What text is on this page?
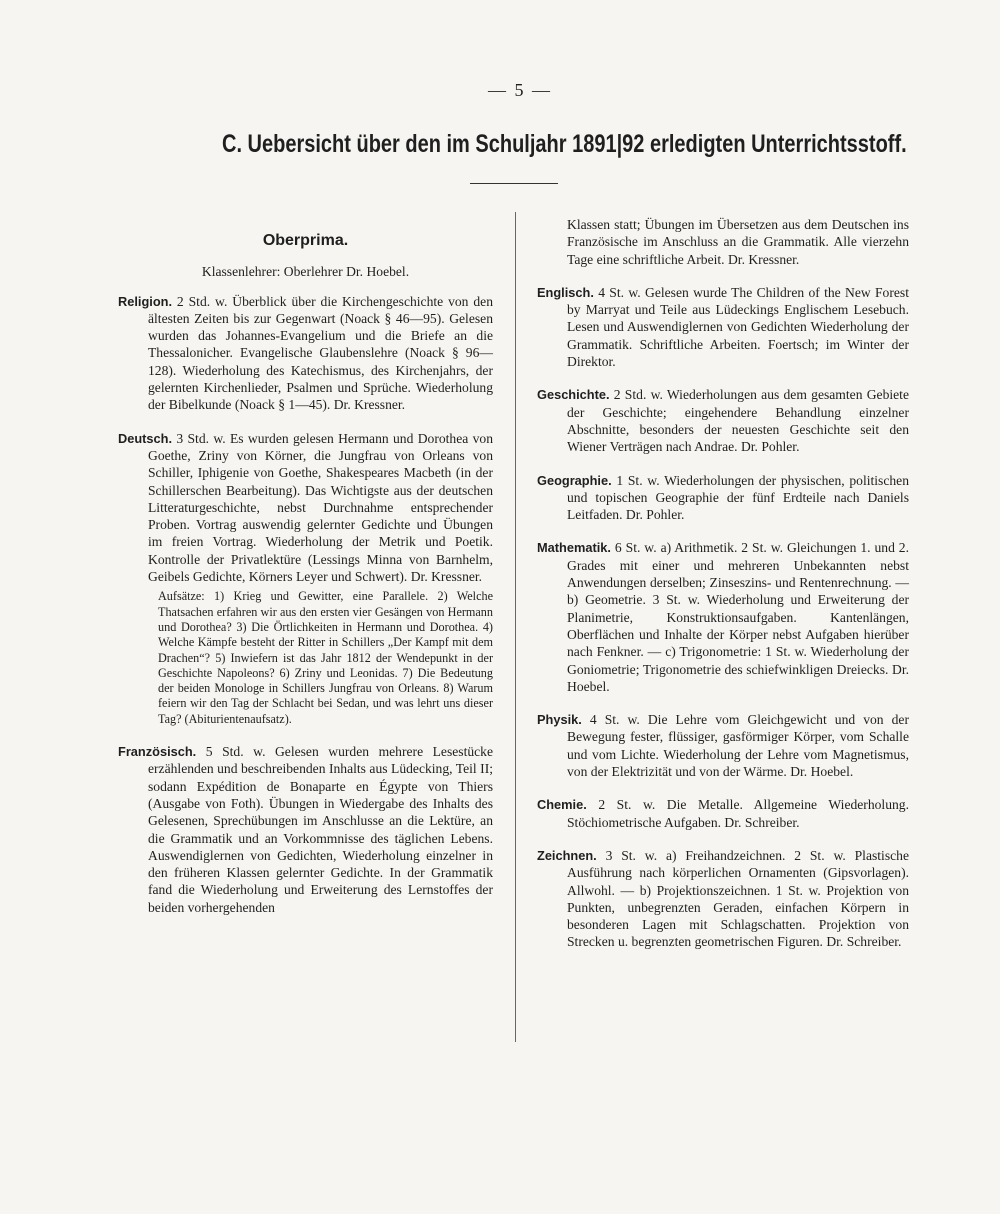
— 5 —
C. Uebersicht über den im Schuljahr 1891|92 erledigten Unterrichtsstoff.
Oberprima.
Klassenlehrer: Oberlehrer Dr. Hoebel.
Religion. 2 Std. w. Überblick über die Kirchengeschichte von den ältesten Zeiten bis zur Gegenwart (Noack § 46—95). Gelesen wurden das Johannes-Evangelium und die Briefe an die Thessalonicher. Evangelische Glaubenslehre (Noack § 96—128). Wiederholung des Katechismus, des Kirchenjahrs, der gelernten Kirchenlieder, Psalmen und Sprüche. Wiederholung der Bibelkunde (Noack § 1—45). Dr. Kressner.
Deutsch. 3 Std. w. Es wurden gelesen Hermann und Dorothea von Goethe, Zriny von Körner, die Jungfrau von Orleans von Schiller, Iphigenie von Goethe, Shakespeares Macbeth (in der Schillerschen Bearbeitung). Das Wichtigste aus der deutschen Litteraturgeschichte, nebst Durchnahme entsprechender Proben. Vortrag auswendig gelernter Gedichte und Übungen im freien Vortrag. Wiederholung der Metrik und Poetik. Kontrolle der Privatlektüre (Lessings Minna von Barnhelm, Geibels Gedichte, Körners Leyer und Schwert). Dr. Kressner.
Aufsätze: 1) Krieg und Gewitter, eine Parallele. 2) Welche Thatsachen erfahren wir aus den ersten vier Gesängen von Hermann und Dorothea? 3) Die Örtlichkeiten in Hermann und Dorothea. 4) Welche Kämpfe besteht der Ritter in Schillers „Der Kampf mit dem Drachen“? 5) Inwiefern ist das Jahr 1812 der Wendepunkt in der Geschichte Napoleons? 6) Zriny und Leonidas. 7) Die Bedeutung der beiden Monologe in Schillers Jungfrau von Orleans. 8) Warum feiern wir den Tag der Schlacht bei Sedan, und was lehrt uns dieser Tag? (Abiturientenaufsatz).
Französisch. 5 Std. w. Gelesen wurden mehrere Lesestücke erzählenden und beschreibenden Inhalts aus Lüdecking, Teil II; sodann Expédition de Bonaparte en Égypte von Thiers (Ausgabe von Foth). Übungen in Wiedergabe des Inhalts des Gelesenen, Sprechübungen im Anschlusse an die Lektüre, an die Grammatik und an Vorkommnisse des täglichen Lebens. Auswendiglernen von Gedichten, Wiederholung einzelner in den früheren Klassen gelernter Gedichte. In der Grammatik fand die Wiederholung und Erweiterung des Lernstoffes der beiden vorhergehenden
Klassen statt; Übungen im Übersetzen aus dem Deutschen ins Französische im Anschluss an die Grammatik. Alle vierzehn Tage eine schriftliche Arbeit. Dr. Kressner.
Englisch. 4 St. w. Gelesen wurde The Children of the New Forest by Marryat und Teile aus Lüdeckings Englischem Lesebuch. Lesen und Auswendiglernen von Gedichten Wiederholung der Grammatik. Schriftliche Arbeiten. Foertsch; im Winter der Direktor.
Geschichte. 2 Std. w. Wiederholungen aus dem gesamten Gebiete der Geschichte; eingehendere Behandlung einzelner Abschnitte, besonders der neuesten Geschichte seit den Wiener Verträgen nach Andrae. Dr. Pohler.
Geographie. 1 St. w. Wiederholungen der physischen, politischen und topischen Geographie der fünf Erdteile nach Daniels Leitfaden. Dr. Pohler.
Mathematik. 6 St. w. a) Arithmetik. 2 St. w. Gleichungen 1. und 2. Grades mit einer und mehreren Unbekannten nebst Anwendungen derselben; Zinseszins- und Rentenrechnung. — b) Geometrie. 3 St. w. Wiederholung und Erweiterung der Planimetrie, Konstruktionsaufgaben. Kantenlängen, Oberflächen und Inhalte der Körper nebst Aufgaben hierüber nach Fenkner. — c) Trigonometrie: 1 St. w. Wiederholung der Goniometrie; Trigonometrie des schiefwinkligen Dreiecks. Dr. Hoebel.
Physik. 4 St. w. Die Lehre vom Gleichgewicht und von der Bewegung fester, flüssiger, gasförmiger Körper, vom Schalle und vom Lichte. Wiederholung der Lehre vom Magnetismus, von der Elektrizität und von der Wärme. Dr. Hoebel.
Chemie. 2 St. w. Die Metalle. Allgemeine Wiederholung. Stöchiometrische Aufgaben. Dr. Schreiber.
Zeichnen. 3 St. w. a) Freihandzeichnen. 2 St. w. Plastische Ausführung nach körperlichen Ornamenten (Gipsvorlagen). Allwohl. — b) Projektionszeichnen. 1 St. w. Projektion von Punkten, unbegrenzten Geraden, einfachen Körpern in besonderen Lagen mit Schlagschatten. Projektion von Strecken u. begrenzten geometrischen Figuren. Dr. Schreiber.
